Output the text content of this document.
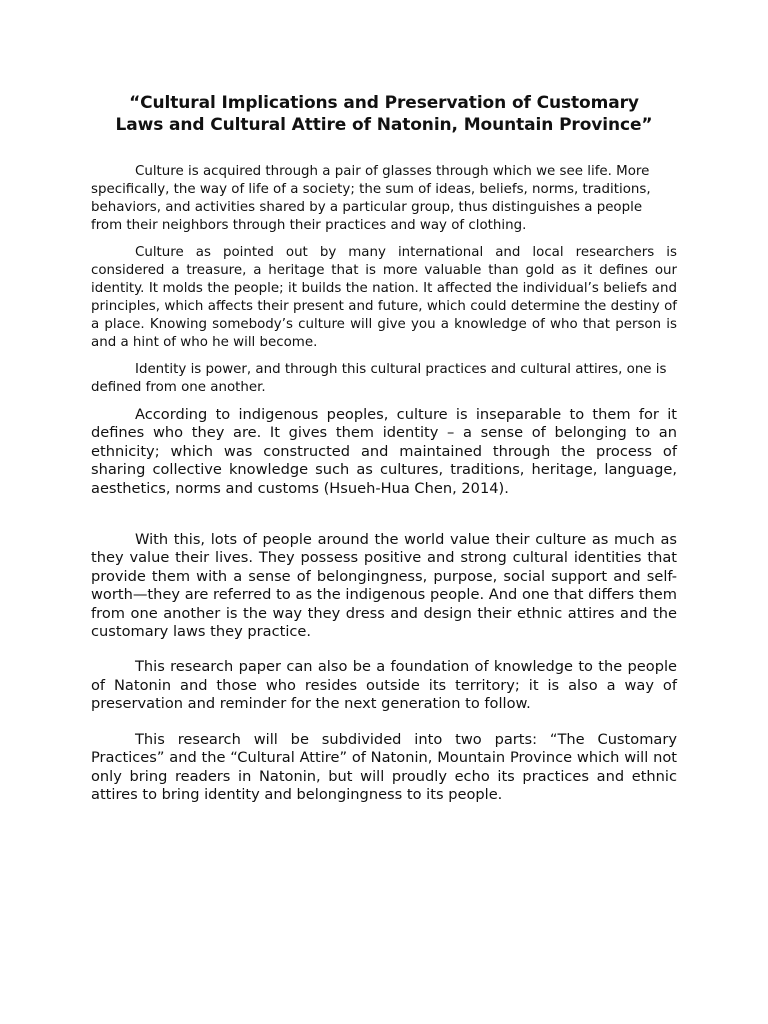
“Cultural Implications and Preservation of Customary
Laws and Cultural Attire of Natonin, Mountain Province”

Culture is acquired through a pair of glasses through which we see life. More specifically, the way of life of a society; the sum of ideas, beliefs, norms, traditions, behaviors, and activities shared by a particular group, thus distinguishes a people from their neighbors through their practices and way of clothing.

Culture as pointed out by many international and local researchers is considered a treasure, a heritage that is more valuable than gold as it defines our identity. It molds the people; it builds the nation. It affected the individual’s beliefs and principles, which affects their present and future, which could determine the destiny of a place. Knowing somebody’s culture will give you a knowledge of who that person is and a hint of who he will become.

Identity is power, and through this cultural practices and cultural attires, one is defined from one another.

According to indigenous peoples, culture is inseparable to them for it defines who they are. It gives them identity – a sense of belonging to an ethnicity; which was constructed and maintained through the process of sharing collective knowledge such as cultures, traditions, heritage, language, aesthetics, norms and customs (Hsueh-Hua Chen, 2014).

With this, lots of people around the world value their culture as much as they value their lives. They possess positive and strong cultural identities that provide them with a sense of belongingness, purpose, social support and self-worth—they are referred to as the indigenous people. And one that differs them from one another is the way they dress and design their ethnic attires and the customary laws they practice.

This research paper can also be a foundation of knowledge to the people of Natonin and those who resides outside its territory; it is also a way of preservation and reminder for the next generation to follow.

This research will be subdivided into two parts: “The Customary Practices” and the “Cultural Attire” of Natonin, Mountain Province which will not only bring readers in Natonin, but will proudly echo its practices and ethnic attires to bring identity and belongingness to its people.
